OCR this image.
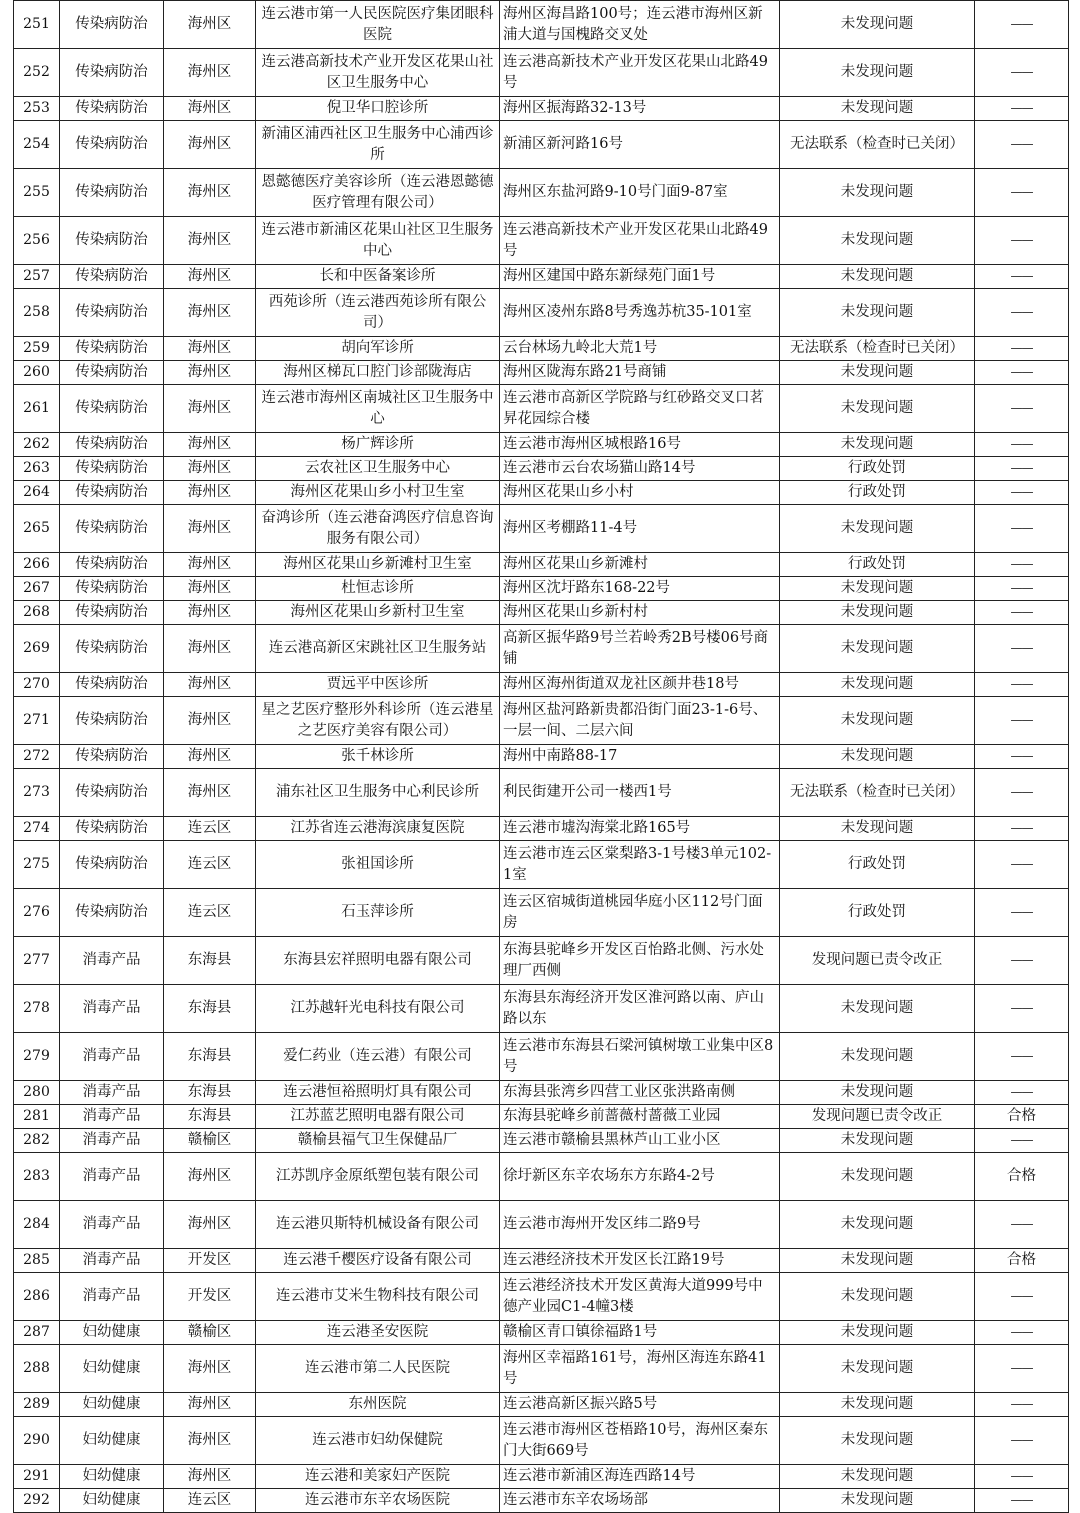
251	传染病防治	海州区	连云港市第一人民医院医疗集团眼科医院	海州区海昌路100号；连云港市海州区新浦大道与国槐路交叉处	未发现问题	——
252	传染病防治	海州区	连云港高新技术产业开发区花果山社区卫生服务中心	连云港高新技术产业开发区花果山北路49号	未发现问题	——
253	传染病防治	海州区	倪卫华口腔诊所	海州区振海路32-13号	未发现问题	——
254	传染病防治	海州区	新浦区浦西社区卫生服务中心浦西诊所	新浦区新河路16号	无法联系（检查时已关闭）	——
255	传染病防治	海州区	恩懿德医疗美容诊所（连云港恩懿德医疗管理有限公司）	海州区东盐河路9-10号门面9-87室	未发现问题	——
256	传染病防治	海州区	连云港市新浦区花果山社区卫生服务中心	连云港高新技术产业开发区花果山北路49号	未发现问题	——
257	传染病防治	海州区	长和中医备案诊所	海州区建国中路东新绿苑门面1号	未发现问题	——
258	传染病防治	海州区	西苑诊所（连云港西苑诊所有限公司）	海州区凌州东路8号秀逸苏杭35-101室	未发现问题	——
259	传染病防治	海州区	胡向军诊所	云台林场九岭北大荒1号	无法联系（检查时已关闭）	——
260	传染病防治	海州区	海州区梯瓦口腔门诊部陇海店	海州区陇海东路21号商铺	未发现问题	——
261	传染病防治	海州区	连云港市海州区南城社区卫生服务中心	连云港市高新区学院路与红砂路交叉口茗昇花园综合楼	未发现问题	——
262	传染病防治	海州区	杨广辉诊所	连云港市海州区城根路16号	未发现问题	——
263	传染病防治	海州区	云农社区卫生服务中心	连云港市云台农场猫山路14号	行政处罚	——
264	传染病防治	海州区	海州区花果山乡小村卫生室	海州区花果山乡小村	行政处罚	——
265	传染病防治	海州区	奋鸿诊所（连云港奋鸿医疗信息咨询服务有限公司）	海州区考棚路11-4号	未发现问题	——
266	传染病防治	海州区	海州区花果山乡新滩村卫生室	海州区花果山乡新滩村	行政处罚	——
267	传染病防治	海州区	杜恒志诊所	海州区沈圩路东168-22号	未发现问题	——
268	传染病防治	海州区	海州区花果山乡新村卫生室	海州区花果山乡新村村	未发现问题	——
269	传染病防治	海州区	连云港高新区宋跳社区卫生服务站	高新区振华路9号兰若岭秀2B号楼06号商铺	未发现问题	——
270	传染病防治	海州区	贾远平中医诊所	海州区海州街道双龙社区颜井巷18号	未发现问题	——
271	传染病防治	海州区	星之艺医疗整形外科诊所（连云港星之艺医疗美容有限公司）	海州区盐河路新贵都沿街门面23-1-6号、一层一间、二层六间	未发现问题	——
272	传染病防治	海州区	张千林诊所	海州中南路88-17	未发现问题	——
273	传染病防治	海州区	浦东社区卫生服务中心利民诊所	利民街建开公司一楼西1号	无法联系（检查时已关闭）	——
274	传染病防治	连云区	江苏省连云港海滨康复医院	连云港市墟沟海棠北路165号	未发现问题	——
275	传染病防治	连云区	张祖国诊所	连云港市连云区棠梨路3-1号楼3单元102-1室	行政处罚	——
276	传染病防治	连云区	石玉萍诊所	连云区宿城街道桃园华庭小区112号门面房	行政处罚	——
277	消毒产品	东海县	东海县宏祥照明电器有限公司	东海县驼峰乡开发区百怡路北侧、污水处理厂西侧	发现问题已责令改正	——
278	消毒产品	东海县	江苏越轩光电科技有限公司	东海县东海经济开发区淮河路以南、庐山路以东	未发现问题	——
279	消毒产品	东海县	爱仁药业（连云港）有限公司	连云港市东海县石梁河镇树墩工业集中区8号	未发现问题	——
280	消毒产品	东海县	连云港恒裕照明灯具有限公司	东海县张湾乡四营工业区张洪路南侧	未发现问题	——
281	消毒产品	东海县	江苏蓝艺照明电器有限公司	东海县驼峰乡前蔷薇村蔷薇工业园	发现问题已责令改正	合格
282	消毒产品	赣榆区	赣榆县福气卫生保健品厂	连云港市赣榆县黑林芦山工业小区	未发现问题	——
283	消毒产品	海州区	江苏凯序金原纸塑包装有限公司	徐圩新区东辛农场东方东路4-2号	未发现问题	合格
284	消毒产品	海州区	连云港贝斯特机械设备有限公司	连云港市海州开发区纬二路9号	未发现问题	——
285	消毒产品	开发区	连云港千樱医疗设备有限公司	连云港经济技术开发区长江路19号	未发现问题	合格
286	消毒产品	开发区	连云港市艾米生物科技有限公司	连云港经济技术开发区黄海大道999号中德产业园C1-4幢3楼	未发现问题	——
287	妇幼健康	赣榆区	连云港圣安医院	赣榆区青口镇徐福路1号	未发现问题	——
288	妇幼健康	海州区	连云港市第二人民医院	海州区幸福路161号，海州区海连东路41号	未发现问题	——
289	妇幼健康	海州区	东州医院	连云港高新区振兴路5号	未发现问题	——
290	妇幼健康	海州区	连云港市妇幼保健院	连云港市海州区苍梧路10号，海州区秦东门大街669号	未发现问题	——
291	妇幼健康	海州区	连云港和美家妇产医院	连云港市新浦区海连西路14号	未发现问题	——
292	妇幼健康	连云区	连云港市东辛农场医院	连云港市东辛农场场部	未发现问题	——
